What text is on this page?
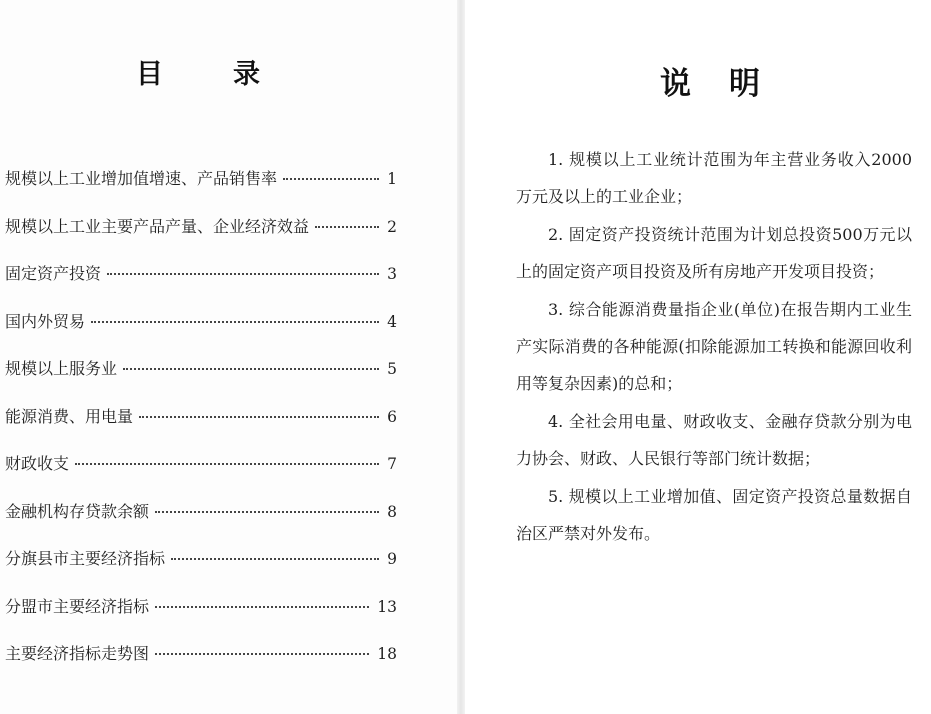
目	录
规模以上工业增加值增速、产品销售率	1
规模以上工业主要产品产量、企业经济效益	2
固定资产投资	3
国内外贸易	4
规模以上服务业	5
能源消费、用电量	6
财政收支	7
金融机构存贷款余额	8
分旗县市主要经济指标	9
分盟市主要经济指标	13
主要经济指标走势图	18
说 明

1. 规模以上工业统计范围为年主营业务收入2000万元及以上的工业企业；

2. 固定资产投资统计范围为计划总投资500万元以上的固定资产项目投资及所有房地产开发项目投资；

3. 综合能源消费量指企业(单位)在报告期内工业生产实际消费的各种能源(扣除能源加工转换和能源回收利用等复杂因素)的总和；

4. 全社会用电量、财政收支、金融存贷款分别为电力协会、财政、人民银行等部门统计数据；

5. 规模以上工业增加值、固定资产投资总量数据自治区严禁对外发布。
